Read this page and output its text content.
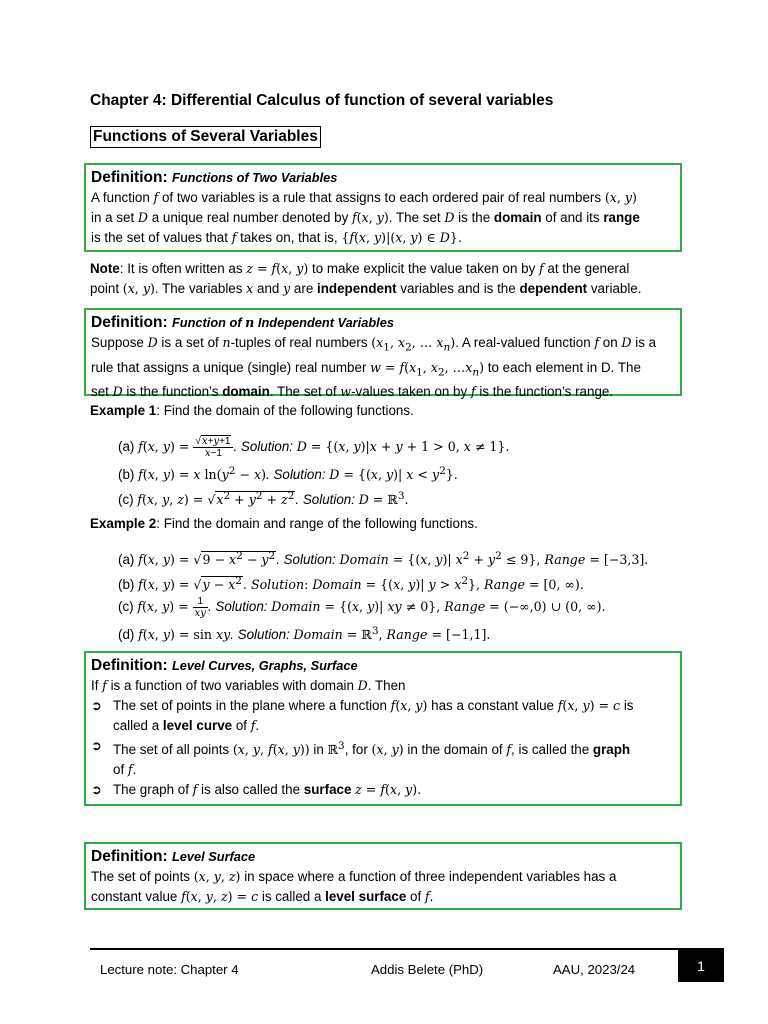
Chapter 4: Differential Calculus of function of several variables
Functions of Several Variables
Definition: Functions of Two Variables
A function f of two variables is a rule that assigns to each ordered pair of real numbers (x, y)
in a set D a unique real number denoted by f(x, y). The set D is the domain of and its range
is the set of values that f takes on, that is, {f(x, y)|(x, y) ∈ D}.
Note: It is often written as z = f(x, y) to make explicit the value taken on by f at the general
point (x, y). The variables x and y are independent variables and is the dependent variable.
Definition: Function of n Independent Variables
Suppose D is a set of n-tuples of real numbers ($x_1$, $x_2$, … $x_n$). A real-valued function f on D is a
rule that assigns a unique (single) real number $w = f(x_1$, $x_2$, $\dots x_n$) to each element in D. The
set D is the function’s domain. The set of w-values taken on by f is the function’s range.
Example 1: Find the domain of the following functions.
(a) f(x, $y) = \frac{√x+y+1}{x-1}$ . Solution: D = {(x, y)|x + y + 1 > 0, x ≠ 1}.
(b) f(x, y) = x $\ln(y^2 - x)$. Solution: D = {(x, y)| $x < y^2$}.
(c) f(x, y, $z) = √x^2 + y^2 + z^2$. Solution: D = ℝ$^3$.
Example 2: Find the domain and range of the following functions.
(a) f(x, $y) = √9 - x^2 - y^2$. Solution: Domain = {(x, y)| $x^2 + y^2 \le 9$}, Range = [−3,3].
(b) f(x, $y) = √y - x^2$. Solution: Domain = {(x, y)| $y > x^2$}, Range = [0, ∞).
(c) f(x, $y) = \frac{1}{xy}$ . Solution: Domain = {(x, y)| xy ≠ 0}, Range = (−∞,0) ∪ (0, ∞).
(d) f(x, y) = sin xy. Solution: Domain = ℝ$^3$, Range = [−1,1].
Definition: Level Curves, Graphs, Surface
If f is a function of two variables with domain D. Then
➲ The set of points in the plane where a function f(x, y) has a constant value f(x, y) = c is
called a level curve of f.
➲ The set of all points (x, y, f(x, y)) in ℝ$^3$, for (x, y) in the domain of f, is called the graph
of f.
➲ The graph of f is also called the surface z = f(x, y).
Definition: Level Surface
The set of points (x, y, z) in space where a function of three independent variables has a
constant value f(x, y, z) = c is called a level surface of f.
Lecture note: Chapter 4	Addis Belete (PhD)	AAU, 2023/24	1
